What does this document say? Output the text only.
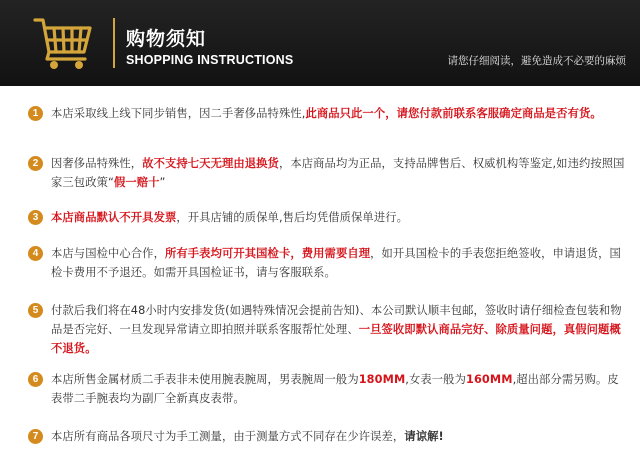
购物须知
SHOPPING INSTRUCTIONS	请您仔细阅读，避免造成不必要的麻烦
1	本店采取线上线下同步销售，因二手奢侈品特殊性,此商品只此一个，请您付款前联系客服确定商品是否有货。

2	因奢侈品特殊性，故不支持七天无理由退换货，本店商品均为正品，支持品牌售后、权威机构等鉴定,如违约按照国家三包政策“假一赔十”

3	本店商品默认不开具发票，开具店铺的质保单,售后均凭借质保单进行。

4	本店与国检中心合作，所有手表均可开其国检卡，费用需要自理，如开具国检卡的手表您拒绝签收，申请退货，国检卡费用不予退还。如需开具国检证书，请与客服联系。

5	付款后我们将在48小时内安排发货(如遇特殊情况会提前告知)、本公司默认顺丰包邮，签收时请仔细检查包装和物品是否完好、一旦发现异常请立即拍照并联系客服帮忙处理、一旦签收即默认商品完好、除质量问题，真假问题概不退货。

6	本店所售金属材质二手表非未使用腕表腕周，男表腕周一般为180MM,女表一般为160MM,超出部分需另购。皮表带二手腕表均为副厂全新真皮表带。

7	本店所有商品各项尺寸为手工测量，由于测量方式不同存在少许误差，请谅解!
